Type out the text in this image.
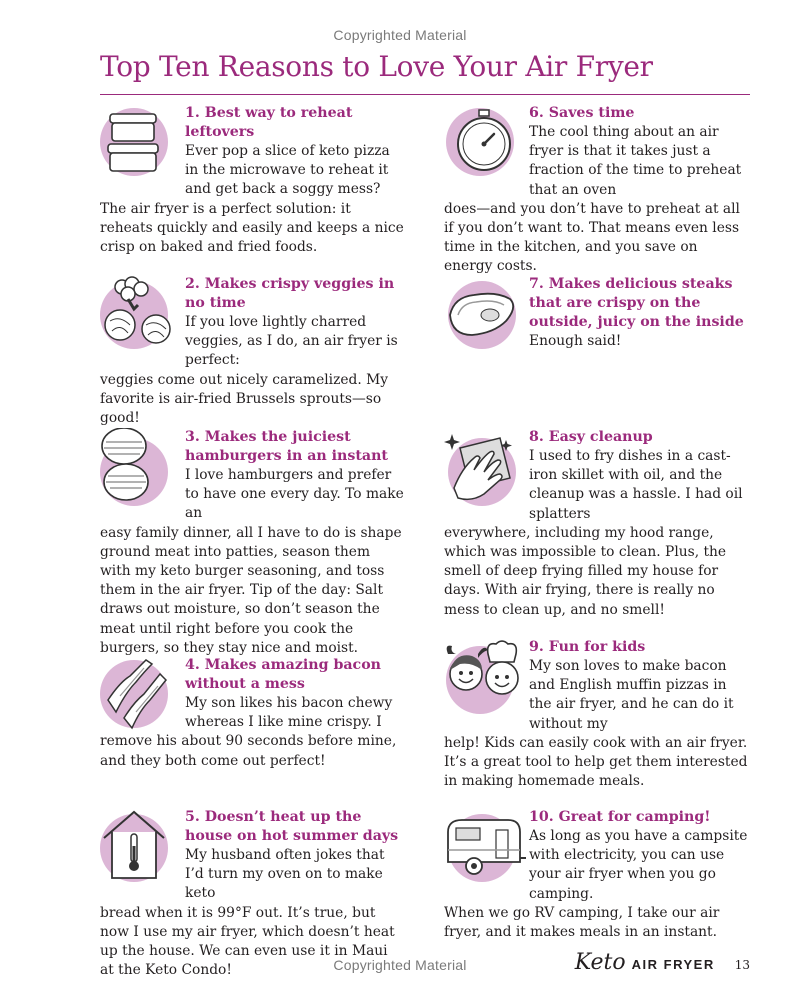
Copyrighted Material
Top Ten Reasons to Love Your Air Fryer

1. Best way to reheat leftovers

Ever pop a slice of keto pizza in the microwave to reheat it and get back a soggy mess?
The air fryer is a perfect solution: it reheats quickly and easily and keeps a nice crisp on baked and fried foods.

2. Makes crispy veggies in no time

If you love lightly charred veggies, as I do, an air fryer is perfect:
veggies come out nicely caramelized. My favorite is air-fried Brussels sprouts—so good!

3. Makes the juiciest hamburgers in an instant

I love hamburgers and prefer to have one every day. To make an
easy family dinner, all I have to do is shape ground meat into patties, season them with my keto burger seasoning, and toss them in the air fryer. Tip of the day: Salt draws out moisture, so don’t season the meat until right before you cook the burgers, so they stay nice and moist.

4. Makes amazing bacon without a mess

My son likes his bacon chewy whereas I like mine crispy. I
remove his about 90 seconds before mine, and they both come out perfect!

5. Doesn’t heat up the house on hot summer days

My husband often jokes that I’d turn my oven on to make keto
bread when it is 99°F out. It’s true, but now I use my air fryer, which doesn’t heat up the house. We can even use it in Maui at the Keto Condo!

6. Saves time

The cool thing about an air fryer is that it takes just a fraction of the time to preheat that an oven
does—and you don’t have to preheat at all if you don’t want to. That means even less time in the kitchen, and you save on energy costs.

7. Makes delicious steaks that are crispy on the outside, juicy on the inside

Enough said!

8. Easy cleanup

I used to fry dishes in a cast-iron skillet with oil, and the cleanup was a hassle. I had oil splatters
everywhere, including my hood range, which was impossible to clean. Plus, the smell of deep frying filled my house for days. With air frying, there is really no mess to clean up, and no smell!

9. Fun for kids

My son loves to make bacon and English muffin pizzas in the air fryer, and he can do it without my
help! Kids can easily cook with an air fryer. It’s a great tool to help get them interested in making homemade meals.

10. Great for camping!

As long as you have a campsite with electricity, you can use your air fryer when you go camping.
When we go RV camping, I take our air fryer, and it makes meals in an instant.

Copyrighted Material	Keto AIR FRYER 13
